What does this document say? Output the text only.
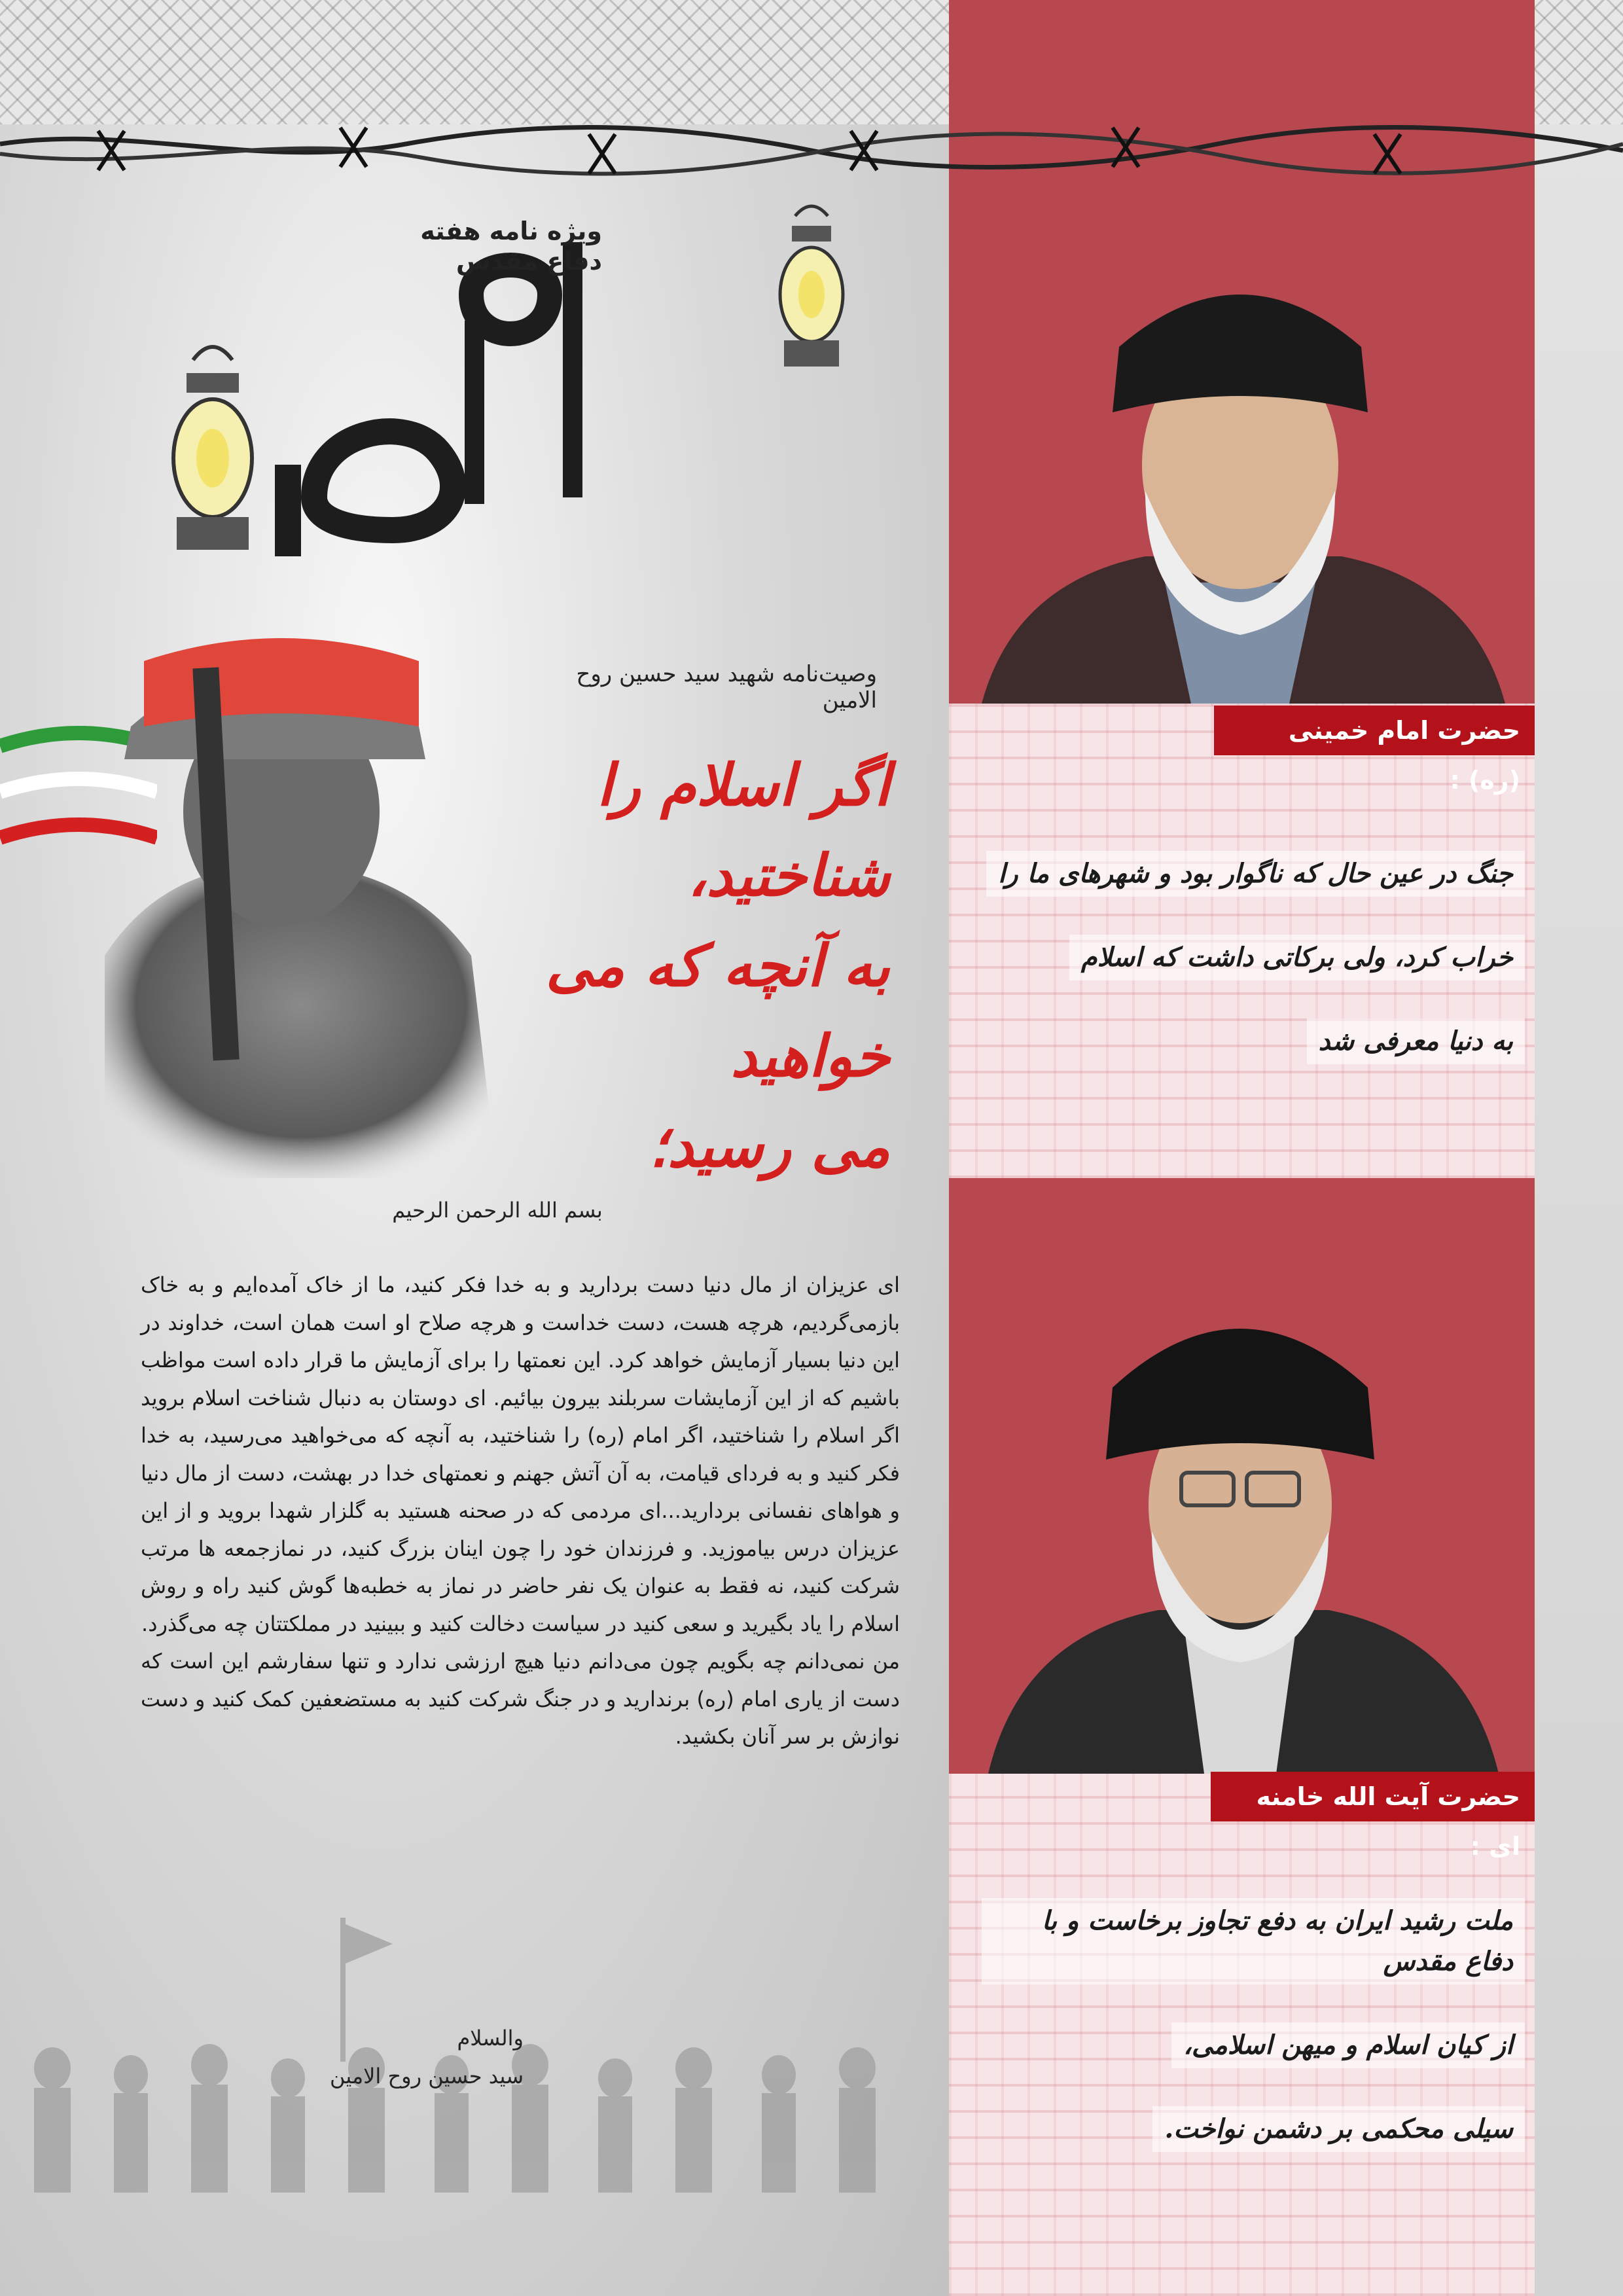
ویژه نامه هفته
دفاع مقدس
وصیت‌نامه شهید سید حسین روح الامین
اگر اسلام را شناختید،
به آنچه که می خواهید
می رسید؛
بسم الله الرحمن الرحیم

ای عزیزان از مال دنیا دست بردارید و به خدا فکر کنید، ما از خاک آمده‌ایم و به خاک بازمی‌گردیم، هرچه هست، دست خداست و هرچه صلاح او است همان است، خداوند در این دنیا بسیار آزمایش خواهد کرد. این نعمتها را برای آزمایش ما قرار داده است مواظب باشیم که از این آزمایشات سربلند بیرون بیائیم. ای دوستان به دنبال شناخت اسلام بروید اگر اسلام را شناختید، اگر امام (ره) را شناختید، به آنچه که می‌خواهید می‌رسید، به خدا فکر کنید و به فردای قیامت، به آن آتش جهنم و نعمتهای خدا در بهشت، دست از مال دنیا و هواهای نفسانی بردارید...ای مردمی که در صحنه هستید به گلزار شهدا بروید و از این عزیزان درس بیاموزید. و فرزندان خود را چون اینان بزرگ کنید، در نمازجمعه ها مرتب شرکت کنید، نه فقط به عنوان یک نفر حاضر در نماز به خطبه‌ها گوش کنید راه و روش اسلام را یاد بگیرید و سعی کنید در سیاست دخالت کنید و ببینید در مملکتتان چه می‌گذرد.

من نمی‌دانم چه بگویم چون می‌دانم دنیا هیچ ارزشی ندارد و تنها سفارشم این است که دست از یاری امام (ره) برندارید و در جنگ شرکت کنید به مستضعفین کمک کنید و دست نوازش بر سر آنان بکشید.

والسلام
سید حسین روح الامین
حضرت امام خمینی (ره) :
حضرت آیت الله خامنه ای :
جنگ در عین حال که ناگوار بود و شهرهای ما را
خراب کرد، ولی برکاتی داشت که اسلام
به دنیا معرفی شد
ملت رشید ایران به دفع تجاوز برخاست و با دفاع مقدس
از کیان اسلام و میهن اسلامی،
سیلی محکمی بر دشمن نواخت.
